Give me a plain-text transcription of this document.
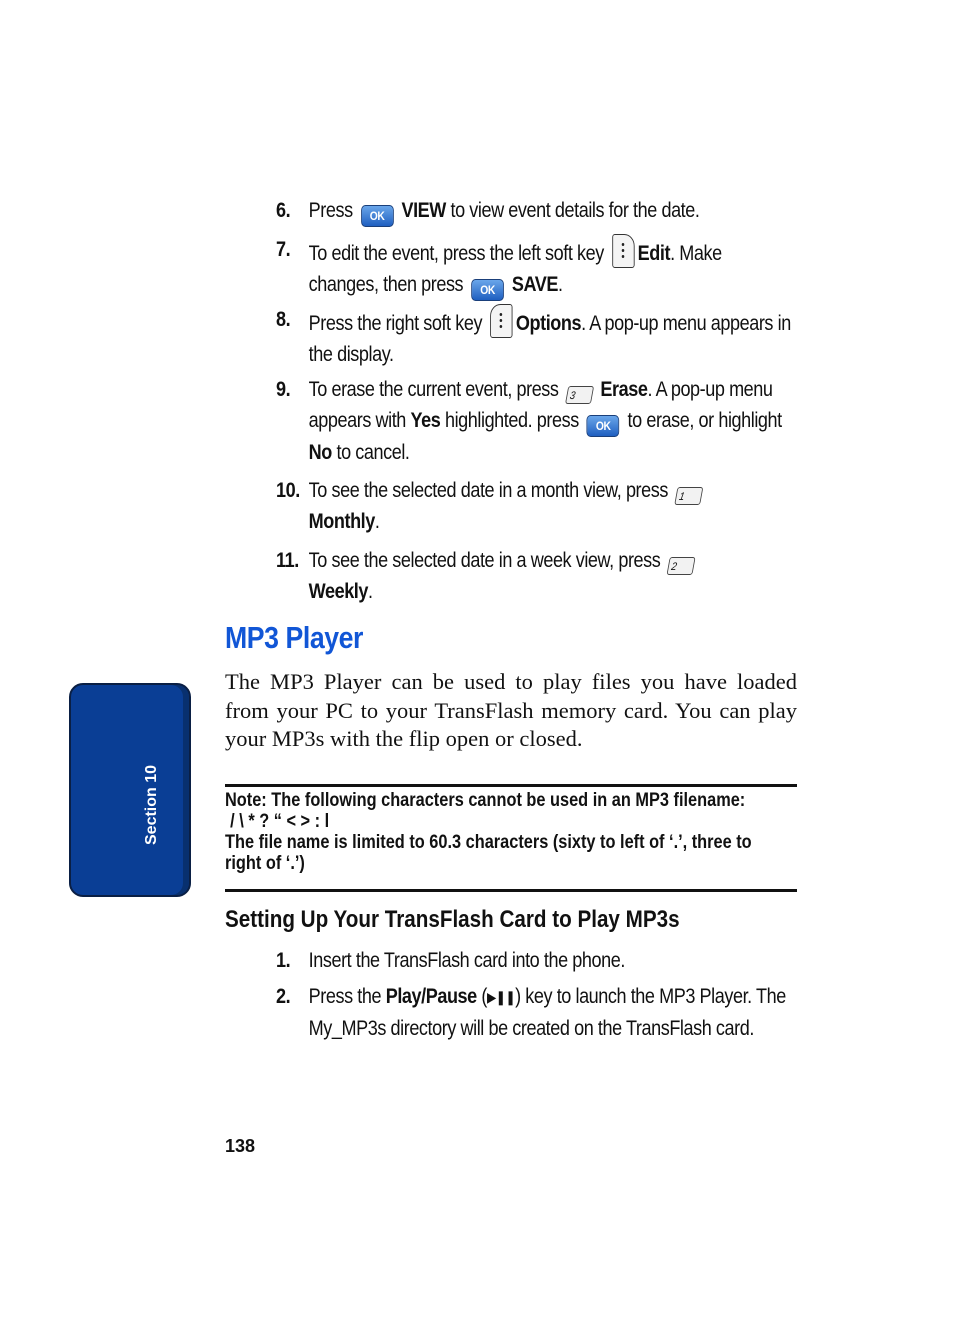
6. Press OK VIEW to view event details for the date.
7. To edit the event, press the left soft key Edit. Make changes, then press OK SAVE.
8. Press the right soft key Options. A pop-up menu appears in the display.
9. To erase the current event, press 3 Erase. A pop-up menu appears with Yes highlighted. press OK to erase, or highlight No to cancel.
10. To see the selected date in a month view, press 1
Monthly.
11. To see the selected date in a week view, press 2
Weekly.
MP3 Player
The MP3 Player can be used to play files you have loaded from your PC to your TransFlash memory card. You can play your MP3s with the flip open or closed.
Note: The following characters cannot be used in an MP3 filename:
/ \ * ? “ < > : l
The file name is limited to 60.3 characters (sixty to left of ‘.’, three to
right of ‘.’)
Setting Up Your TransFlash Card to Play MP3s
1. Insert the TransFlash card into the phone.
2. Press the Play/Pause (▶❚❚) key to launch the MP3 Player. The My_MP3s directory will be created on the TransFlash card.
Section 10
138
